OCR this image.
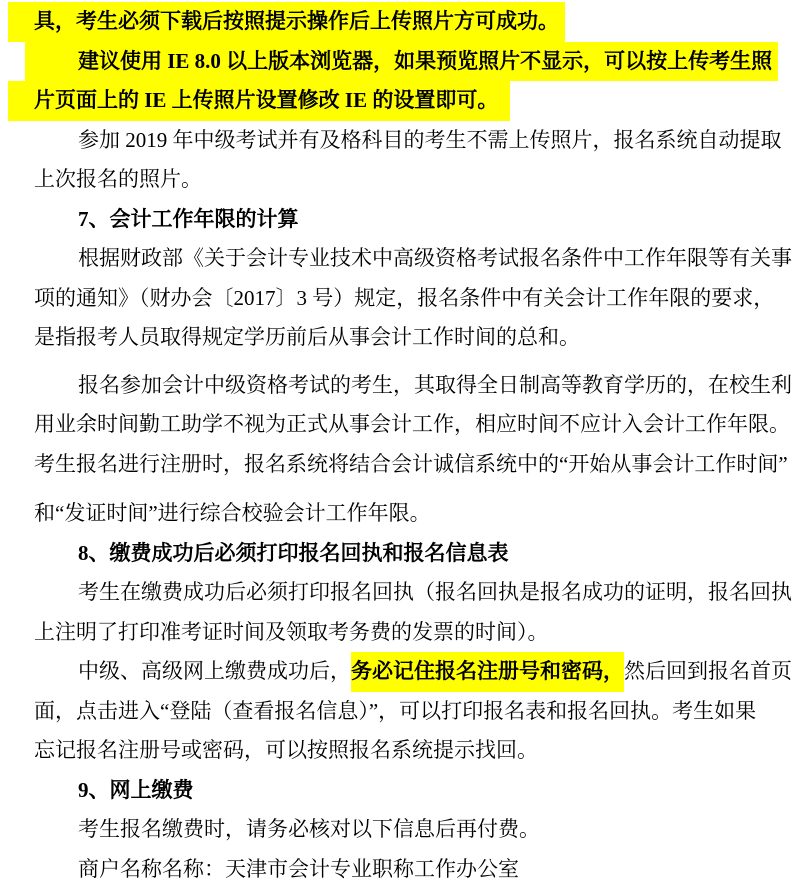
具，考生必须下载后按照提示操作后上传照片方可成功。
建议使用 IE 8.0 以上版本浏览器，如果预览照片不显示，可以按上传考生照
片页面上的 IE 上传照片设置修改 IE 的设置即可。
参加 2019 年中级考试并有及格科目的考生不需上传照片，报名系统自动提取
上次报名的照片。
7、会计工作年限的计算
根据财政部《关于会计专业技术中高级资格考试报名条件中工作年限等有关事
项的通知》（财办会〔2017〕3 号）规定，报名条件中有关会计工作年限的要求，
是指报考人员取得规定学历前后从事会计工作时间的总和。
报名参加会计中级资格考试的考生，其取得全日制高等教育学历的，在校生利
用业余时间勤工助学不视为正式从事会计工作，相应时间不应计入会计工作年限。
考生报名进行注册时，报名系统将结合会计诚信系统中的“开始从事会计工作时间”
和“发证时间”进行综合校验会计工作年限。
8、缴费成功后必须打印报名回执和报名信息表
考生在缴费成功后必须打印报名回执（报名回执是报名成功的证明，报名回执
上注明了打印准考证时间及领取考务费的发票的时间）。
中级、高级网上缴费成功后，务必记住报名注册号和密码，然后回到报名首页
面，点击进入“登陆（查看报名信息）”，可以打印报名表和报名回执。考生如果
忘记报名注册号或密码，可以按照报名系统提示找回。
9、网上缴费
考生报名缴费时，请务必核对以下信息后再付费。
商户名称名称：天津市会计专业职称工作办公室
